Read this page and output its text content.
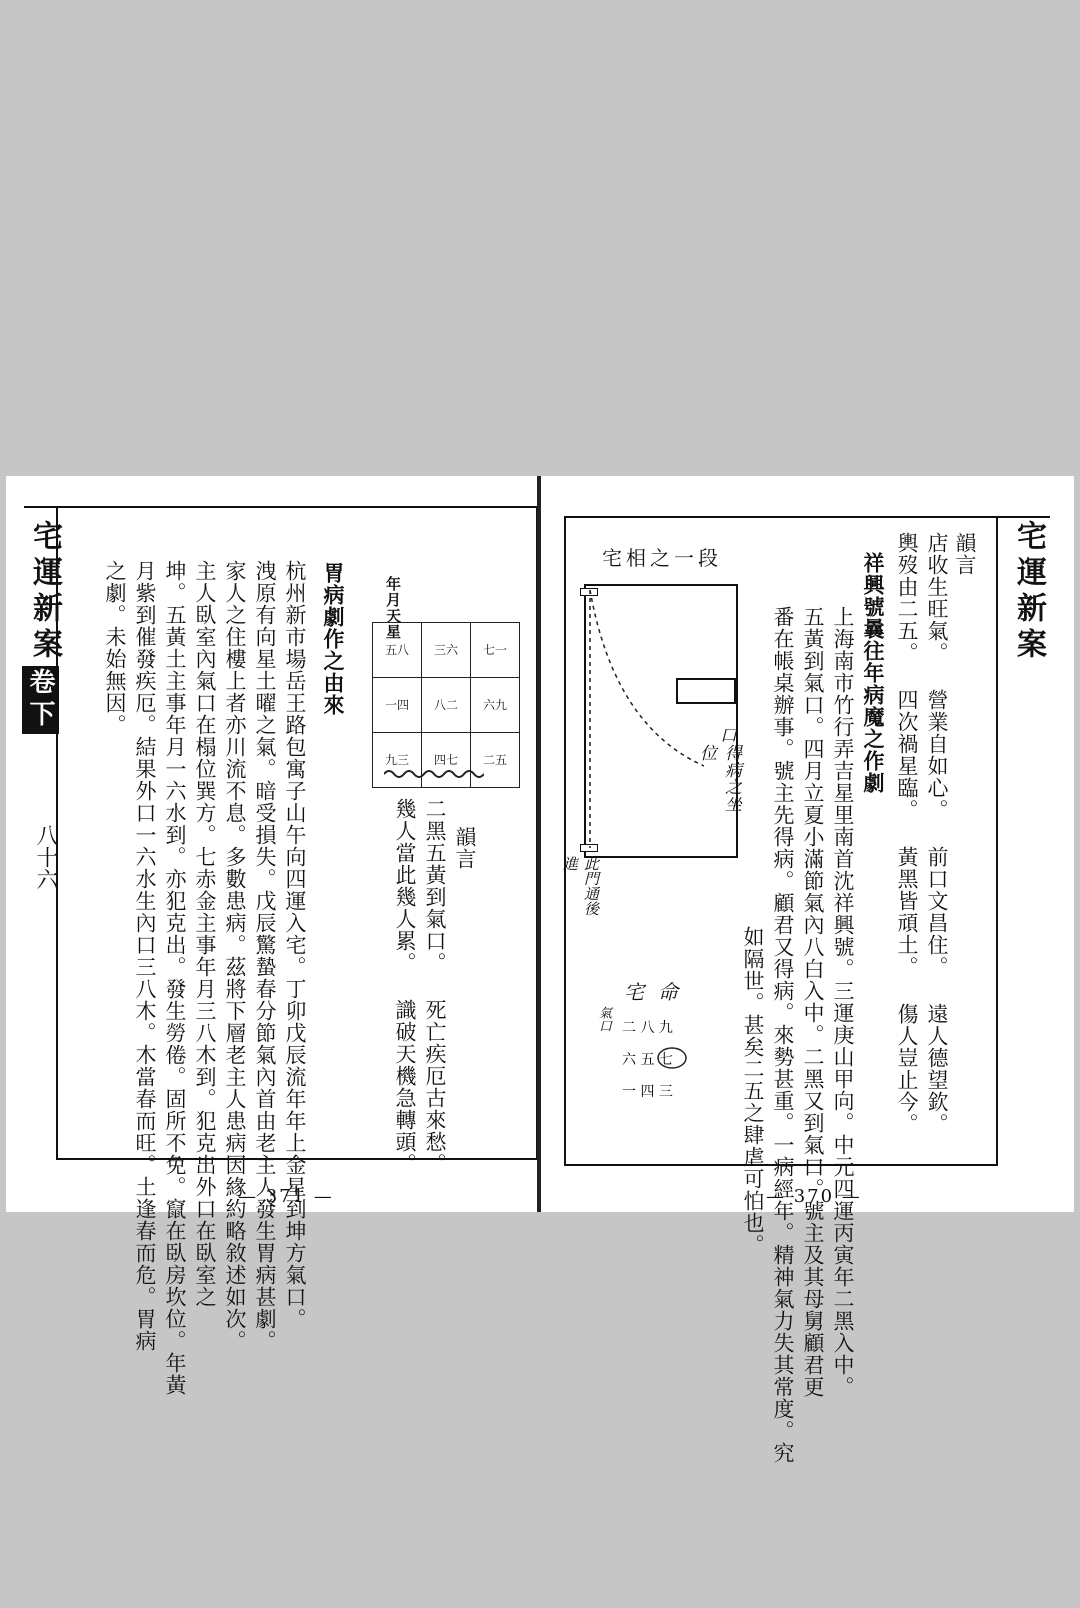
宅運新案
卷下
八十六
之劇。未始無因。 月紫到催發疾厄。結果外口一六水生內口三八木。木當春而旺。土逢春而危。胃病 坤。五黃土主事年月一六水到。亦犯克出。發生勞倦。固所不免。竄在臥房坎位。年黃 主人臥室內氣口在榻位巽方。七赤金主事年月三八木到。犯克出外口在臥室之 家人之住樓上者亦川流不息。多數患病。茲將下層老主人患病因緣約略敘述如次。 洩原有向星土曜之氣。暗受損失。戊辰驚蟄春分節氣內首由老主人發生胃病甚劇。 杭州新市場岳王路包寓子山午向四運入宅。丁卯戊辰流年年上金星到坤方氣口。 胃病劇作之由來	年月天星
五八	三六	七一
一四	八二	六九
九三	四七	二五
幾人當此幾人累。 識破天機急轉頭。 二黑五黃到氣口。 死亡疾厄古來愁。 韻言
— 371 —
宅運新案
韻言
店收生旺氣。 營業自如心。 前口文昌住。 遠人德望欽。
輿歿由二五。 四次禍星臨。 黃黑皆頑土。 傷人豈止今。
祥興號曩往年病魔之作劇
上海南市竹行弄吉星里南首沈祥興號。三運庚山甲向。中元四運丙寅年二黑入中。
五黃到氣口。四月立夏小滿節氣內八白入中。二黑又到氣口。號主及其母舅顧君更
番在帳桌辦事。號主先得病。顧君又得病。來勢甚重。一病經年。精神氣力失其常度。究
如隔世。甚矣二五之肆虐可怕也。
宅相之一段
口
得病之坐位
此門通後進
宅命
氣口 二 八 九
六 五 七
一 四 三
— 370 —
